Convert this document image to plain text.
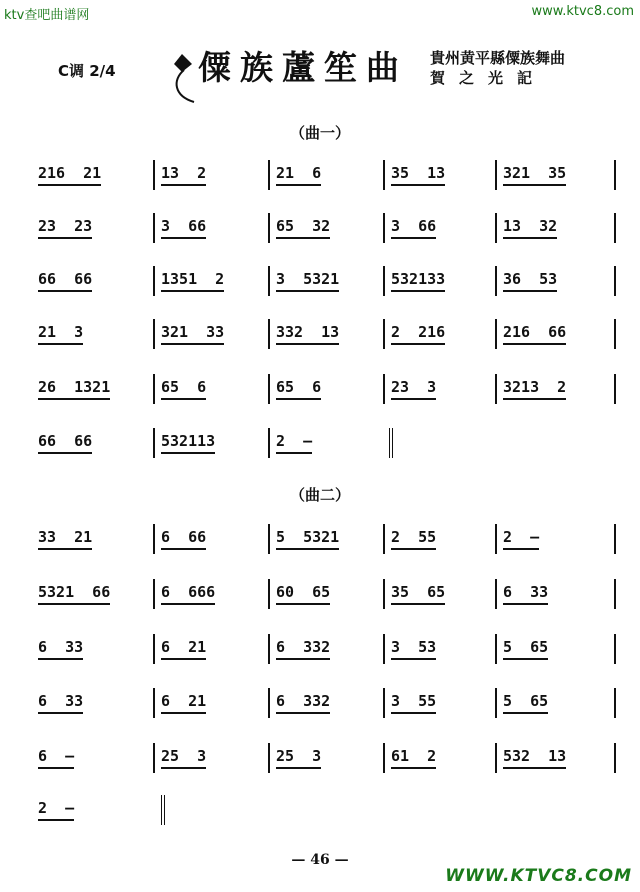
ktv查吧曲谱网	www.ktvc8.com
C调 2/4 僳族蘆笙曲 貴州黄平縣僳族舞曲
賀之光記
（曲一）
216  21	13  2	21  6	35  13	321  35
23  23	3  66	65  32	3  66	13  32
66  66	1351  2	3  5321	532133	36  53
21  3	321  33	332  13	2  216	216  66
26  1321	65  6	65  6	23  3	3213  2
66  66	532113	2  —
（曲二）
33  21	6  66	5  5321	2  55	2  —
5321  66	6  666	60  65	35  65	6  33
6  33	6  21	6  332	3  53	5  65
6  33	6  21	6  332	3  55	5  65
6  —	25  3	25  3	61  2	532  13
2  —
— 46 —
WWW.KTVC8.COM
